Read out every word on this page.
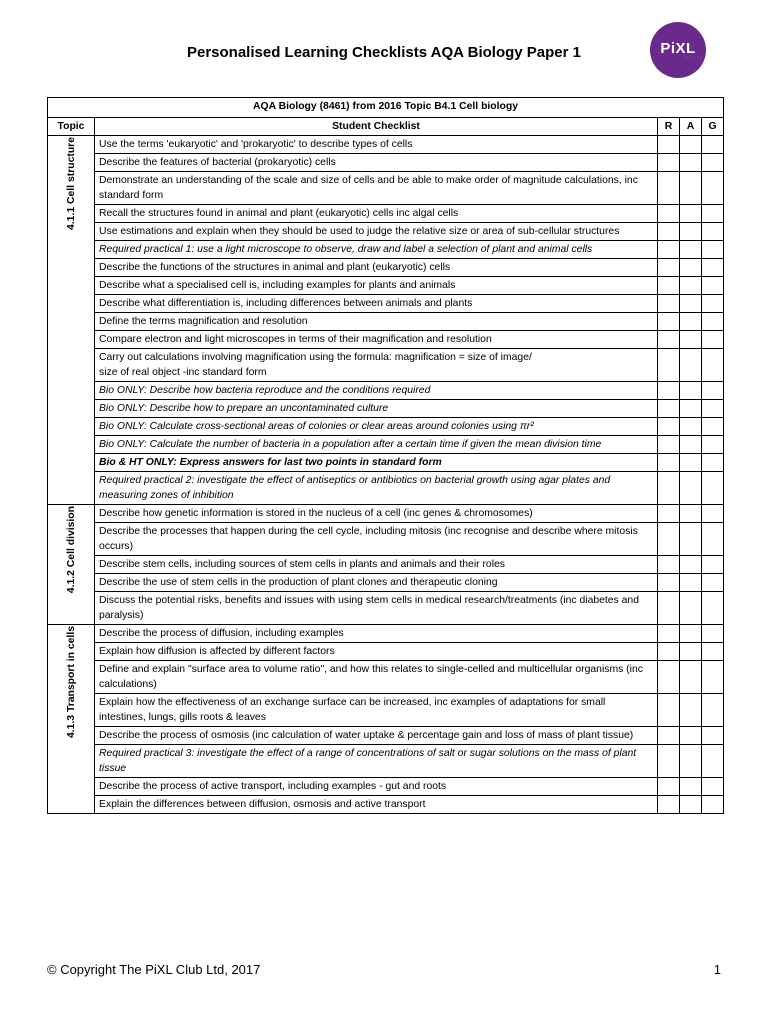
Personalised Learning Checklists AQA Biology Paper 1	PiXL
Science
AQA Biology (8461) from 2016 Topic B4.1 Cell biology				
Topic	Student Checklist	R	A	G

4.1.1 Cell structure	Use the terms 'eukaryotic' and 'prokaryotic' to describe types of cells			
	Describe the features of bacterial (prokaryotic) cells			
	Demonstrate an understanding of the scale and size of cells and be able to make order of magnitude calculations, inc standard form			
	Recall the structures found in animal and plant (eukaryotic) cells inc algal cells			
	Use estimations and explain when they should be used to judge the relative size or area of sub-cellular structures			
	Required practical 1: use a light microscope to observe, draw and label a selection of plant and animal cells			
	Describe the functions of the structures in animal and plant (eukaryotic) cells			
	Describe what a specialised cell is, including examples for plants and animals			
	Describe what differentiation is, including differences between animals and plants			
	Define the terms magnification and resolution			
	Compare electron and light microscopes in terms of their magnification and resolution			
	Carry out calculations involving magnification using the formula: magnification = size of image/
size of real object -inc standard form			
	Bio ONLY: Describe how bacteria reproduce and the conditions required			
	Bio ONLY: Describe how to prepare an uncontaminated culture			
	Bio ONLY: Calculate cross-sectional areas of colonies or clear areas around colonies using πr²			
	Bio ONLY: Calculate the number of bacteria in a population after a certain time if given the mean division time			
	Bio & HT ONLY: Express answers for last two points in standard form			
	Required practical 2: investigate the effect of antiseptics or antibiotics on bacterial growth using agar plates and measuring zones of inhibition			

4.1.2 Cell division	Describe how genetic information is stored in the nucleus of a cell (inc genes & chromosomes)			
	Describe the processes that happen during the cell cycle, including mitosis (inc recognise and describe where mitosis occurs)			
	Describe stem cells, including sources of stem cells in plants and animals and their roles			
	Describe the use of stem cells in the production of plant clones and therapeutic cloning			
	Discuss the potential risks, benefits and issues with using stem cells in medical research/treatments (inc diabetes and paralysis)			

4.1.3 Transport in cells	Describe the process of diffusion, including examples			
	Explain how diffusion is affected by different factors			
	Define and explain "surface area to volume ratio", and how this relates to single-celled and multicellular organisms (inc calculations)			
	Explain how the effectiveness of an exchange surface can be increased, inc examples of adaptations for small intestines, lungs, gills roots & leaves			
	Describe the process of osmosis (inc calculation of water uptake & percentage gain and loss of mass of plant tissue)			
	Required practical 3: investigate the effect of a range of concentrations of salt or sugar solutions on the mass of plant tissue			
	Describe the process of active transport, including examples - gut and roots			
	Explain the differences between diffusion, osmosis and active transport			
© Copyright The PiXL Club Ltd, 2017	1
